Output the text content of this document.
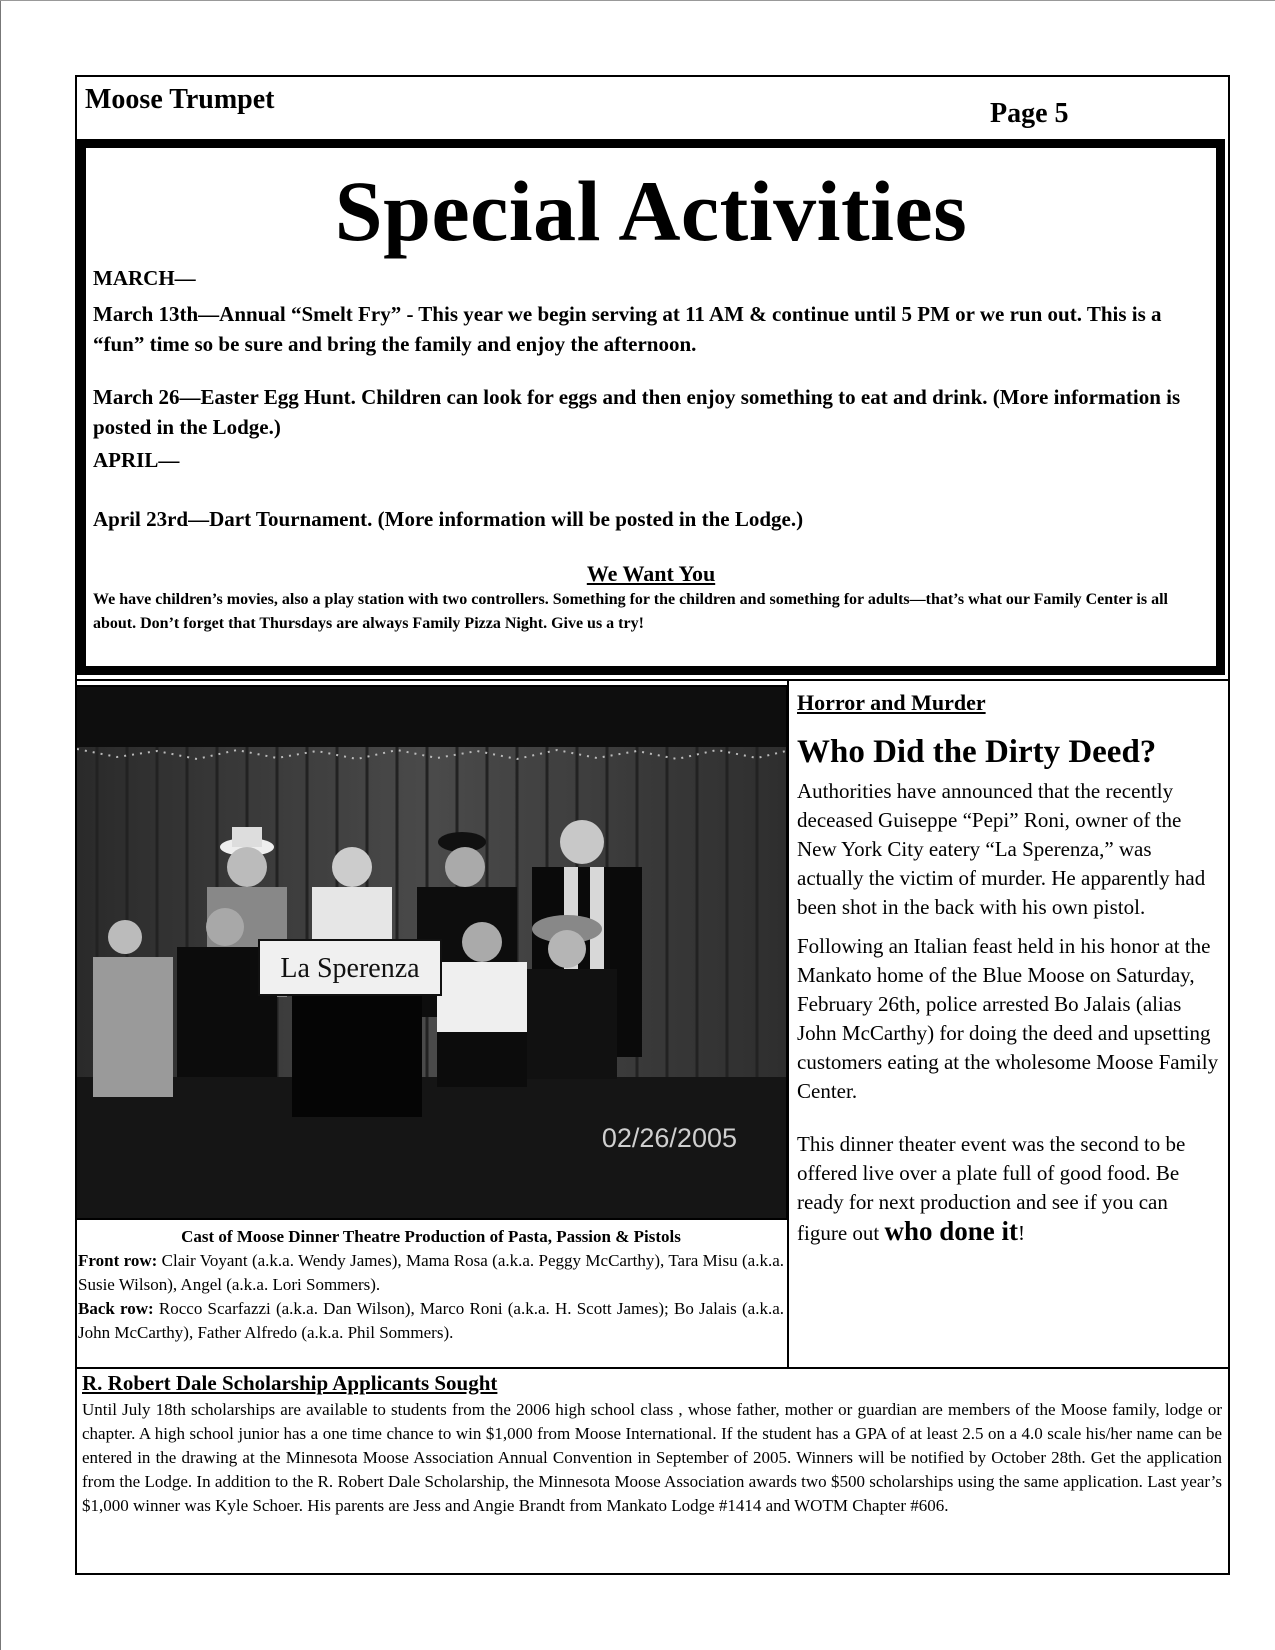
Moose Trumpet	Page 5
Special Activities
MARCH—
March 13th—Annual “Smelt Fry” - This year we begin serving at 11 AM & continue until 5 PM or we run out. This is a “fun” time so be sure and bring the family and enjoy the afternoon.
March 26—Easter Egg Hunt. Children can look for eggs and then enjoy something to eat and drink. (More information is posted in the Lodge.)
APRIL—
April 23rd—Dart Tournament. (More information will be posted in the Lodge.)
We Want You
We have children’s movies, also a play station with two controllers. Something for the children and something for adults—that’s what our Family Center is all about. Don’t forget that Thursdays are always Family Pizza Night. Give us a try!
La Sperenza
02/26/2005
Cast of Moose Dinner Theatre Production of Pasta, Passion & Pistols

Front row: Clair Voyant (a.k.a. Wendy James), Mama Rosa (a.k.a. Peggy McCarthy), Tara Misu (a.k.a. Susie Wilson), Angel (a.k.a. Lori Sommers).

Back row: Rocco Scarfazzi (a.k.a. Dan Wilson), Marco Roni (a.k.a. H. Scott James); Bo Jalais (a.k.a. John McCarthy), Father Alfredo (a.k.a. Phil Sommers).

Horror and Murder
Who Did the Dirty Deed?

Authorities have announced that the recently deceased Guiseppe “Pepi” Roni, owner of the New York City eatery “La Sperenza,” was actually the victim of murder. He apparently had been shot in the back with his own pistol.

Following an Italian feast held in his honor at the Mankato home of the Blue Moose on Saturday, February 26th, police arrested Bo Jalais (alias John McCarthy) for doing the deed and upsetting customers eating at the wholesome Moose Family Center.

This dinner theater event was the second to be offered live over a plate full of good food. Be ready for next production and see if you can figure out who done it!

R. Robert Dale Scholarship Applicants Sought

Until July 18th scholarships are available to students from the 2006 high school class , whose father, mother or guardian are members of the Moose family, lodge or chapter. A high school junior has a one time chance to win $1,000 from Moose International. If the student has a GPA of at least 2.5 on a 4.0 scale his/her name can be entered in the drawing at the Minnesota Moose Association Annual Convention in September of 2005. Winners will be notified by October 28th. Get the application from the Lodge. In addition to the R. Robert Dale Scholarship, the Minnesota Moose Association awards two $500 scholarships using the same application. Last year’s $1,000 winner was Kyle Schoer. His parents are Jess and Angie Brandt from Mankato Lodge #1414 and WOTM Chapter #606.
